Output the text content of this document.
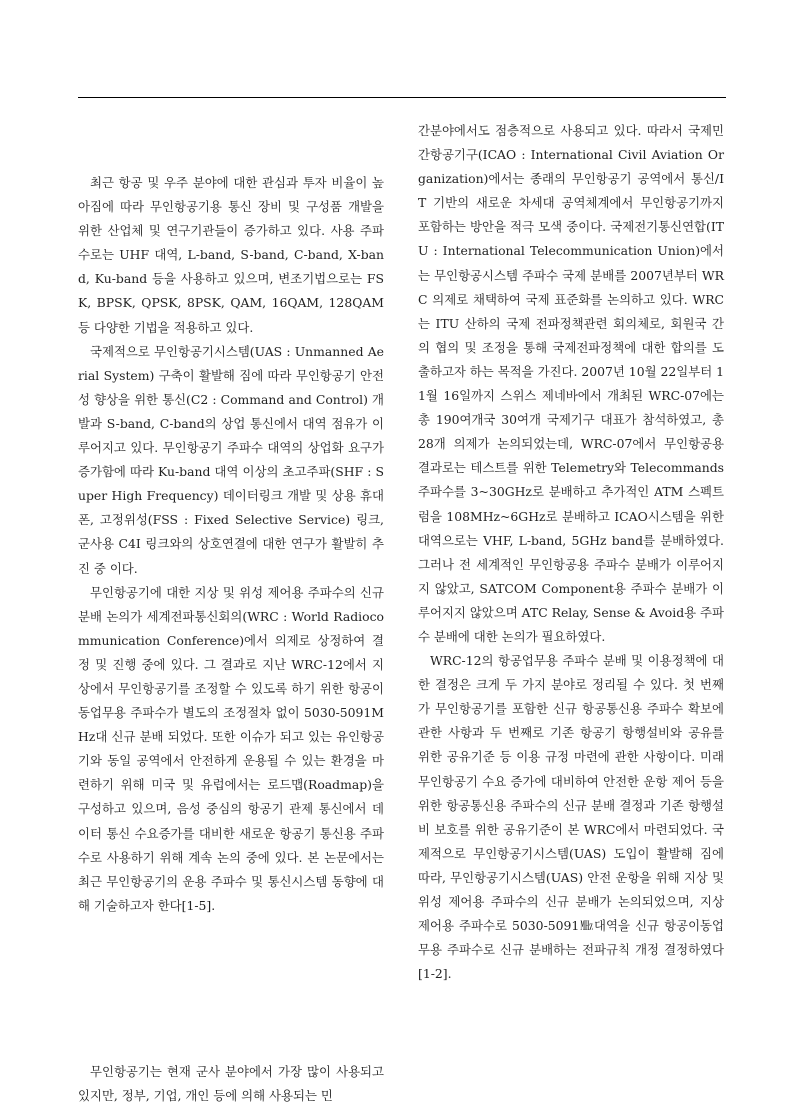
최근 항공 및 우주 분야에 대한 관심과 투자 비율이 높아짐에 따라 무인항공기용 통신 장비 및 구성품 개발을 위한 산업체 및 연구기관들이 증가하고 있다. 사용 주파수로는 UHF 대역, L-band, S-band, C-band, X-band, Ku-band 등을 사용하고 있으며, 변조기법으로는 FSK, BPSK, QPSK, 8PSK, QAM, 16QAM, 128QAM 등 다양한 기법을 적용하고 있다.

국제적으로 무인항공기시스템(UAS : Unmanned Aerial System) 구축이 활발해 짐에 따라 무인항공기 안전성 향상을 위한 통신(C2 : Command and Control) 개발과 S-band, C-band의 상업 통신에서 대역 점유가 이루어지고 있다. 무인항공기 주파수 대역의 상업화 요구가 증가함에 따라 Ku-band 대역 이상의 초고주파(SHF : Super High Frequency) 데이터링크 개발 및 상용 휴대폰, 고정위성(FSS : Fixed Selective Service) 링크, 군사용 C4I 링크와의 상호연결에 대한 연구가 활발히 추진 중 이다.

무인항공기에 대한 지상 및 위성 제어용 주파수의 신규 분배 논의가 세계전파통신회의(WRC : World Radiocommunication Conference)에서 의제로 상정하여 결정 및 진행 중에 있다. 그 결과로 지난 WRC-12에서 지상에서 무인항공기를 조정할 수 있도록 하기 위한 항공이동업무용 주파수가 별도의 조정절차 없이 5030-5091MHz대 신규 분배 되었다. 또한 이슈가 되고 있는 유인항공기와 동일 공역에서 안전하게 운용될 수 있는 환경을 마련하기 위해 미국 및 유럽에서는 로드맵(Roadmap)을 구성하고 있으며, 음성 중심의 항공기 관제 통신에서 데이터 통신 수요증가를 대비한 새로운 항공기 통신용 주파수로 사용하기 위해 계속 논의 중에 있다. 본 논문에서는 최근 무인항공기의 운용 주파수 및 통신시스템 동향에 대해 기술하고자 한다[1-5].

무인항공기는 현재 군사 분야에서 가장 많이 사용되고 있지만, 정부, 기업, 개인 등에 의해 사용되는 민

간분야에서도 점층적으로 사용되고 있다. 따라서 국제민간항공기구(ICAO : International Civil Aviation Organization)에서는 종래의 무인항공기 공역에서 통신/IT 기반의 새로운 차세대 공역체계에서 무인항공기까지 포함하는 방안을 적극 모색 중이다. 국제전기통신연합(ITU : International Telecommunication Union)에서는 무인항공시스템 주파수 국제 분배를 2007년부터 WRC 의제로 채택하여 국제 표준화를 논의하고 있다. WRC는 ITU 산하의 국제 전파정책관련 회의체로, 회원국 간의 협의 및 조정을 통해 국제전파정책에 대한 합의를 도출하고자 하는 목적을 가진다. 2007년 10월 22일부터 11월 16일까지 스위스 제네바에서 개최된 WRC-07에는 총 190여개국 30여개 국제기구 대표가 참석하였고, 총 28개 의제가 논의되었는데, WRC-07에서 무인항공용 결과로는 테스트를 위한 Telemetry와 Telecommands 주파수를 3~30GHz로 분배하고 추가적인 ATM 스펙트럼을 108MHz~6GHz로 분배하고 ICAO시스템을 위한 대역으로는 VHF, L-band, 5GHz band를 분배하였다. 그러나 전 세계적인 무인항공용 주파수 분배가 이루어지지 않았고, SATCOM Component용 주파수 분배가 이루어지지 않았으며 ATC Relay, Sense & Avoid용 주파수 분배에 대한 논의가 필요하였다.

WRC-12의 항공업무용 주파수 분배 및 이용정책에 대한 결정은 크게 두 가지 분야로 정리될 수 있다. 첫 번째가 무인항공기를 포함한 신규 항공통신용 주파수 확보에 관한 사항과 두 번째로 기존 항공기 항행설비와 공유를 위한 공유기준 등 이용 규정 마련에 관한 사항이다. 미래 무인항공기 수요 증가에 대비하여 안전한 운항 제어 등을 위한 항공통신용 주파수의 신규 분배 결정과 기존 항행설비 보호를 위한 공유기준이 본 WRC에서 마련되었다. 국제적으로 무인항공기시스템(UAS) 도입이 활발해 짐에 따라, 무인항공기시스템(UAS) 안전 운항을 위해 지상 및 위성 제어용 주파수의 신규 분배가 논의되었으며, 지상 제어용 주파수로 5030-5091㎒대역을 신규 항공이동업무용 주파수로 신규 분배하는 전파규칙 개정 결정하였다[1-2].
